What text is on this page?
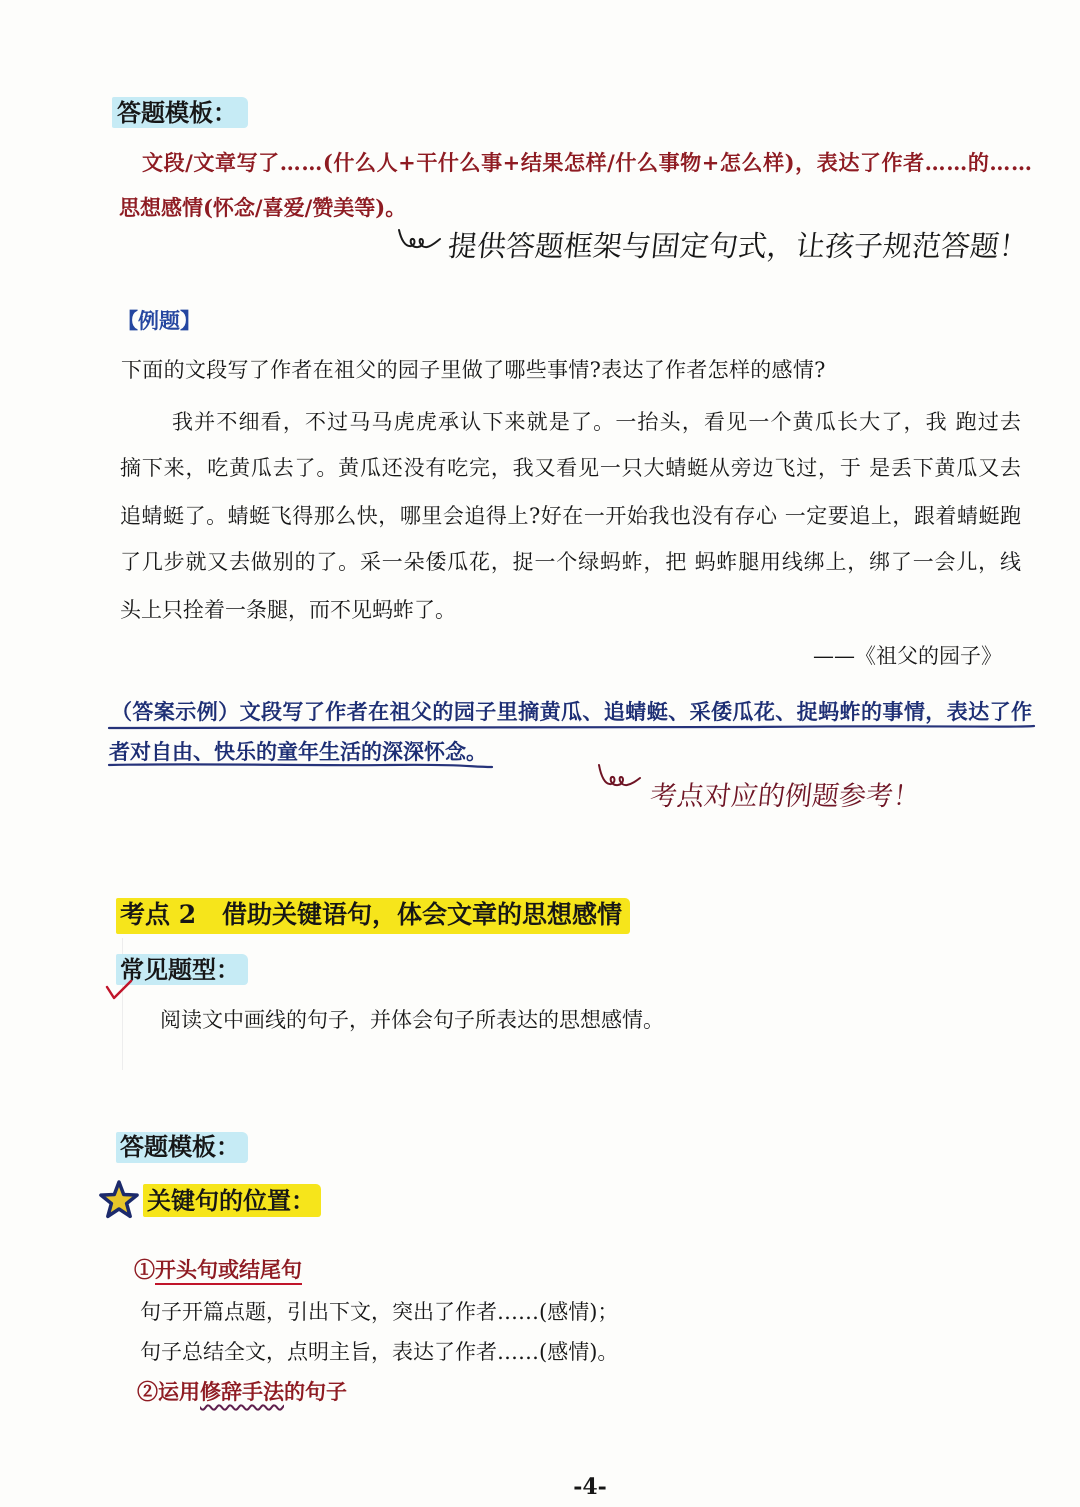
答题模板：
文段/文章写了……(什么人+干什么事+结果怎样/什么事物+怎么样)，表达了作者……的……
思想感情(怀念/喜爱/赞美等)。
提供答题框架与固定句式，让孩子规范答题！
【例题】
下面的文段写了作者在祖父的园子里做了哪些事情?表达了作者怎样的感情?
我并不细看，不过马马虎虎承认下来就是了。一抬头，看见一个黄瓜长大了，我 跑过去
摘下来，吃黄瓜去了。黄瓜还没有吃完，我又看见一只大蜻蜓从旁边飞过，于 是丢下黄瓜又去
追蜻蜓了。蜻蜓飞得那么快，哪里会追得上?好在一开始我也没有存心 一定要追上，跟着蜻蜓跑
了几步就又去做别的了。采一朵倭瓜花，捉一个绿蚂蚱，把 蚂蚱腿用线绑上，绑了一会儿，线
头上只拴着一条腿，而不见蚂蚱了。
——《祖父的园子》
（答案示例）文段写了作者在祖父的园子里摘黄瓜、追蜻蜓、采倭瓜花、捉蚂蚱的事情，表达了作
者对自由、快乐的童年生活的深深怀念。
考点对应的例题参考！
考点 2 借助关键语句，体会文章的思想感情
常见题型：
阅读文中画线的句子，并体会句子所表达的思想感情。
答题模板：
关键句的位置：
①开头句或结尾句
句子开篇点题，引出下文，突出了作者……(感情)；
句子总结全文，点明主旨，表达了作者……(感情)。
②运用修辞手法的句子
-4-
